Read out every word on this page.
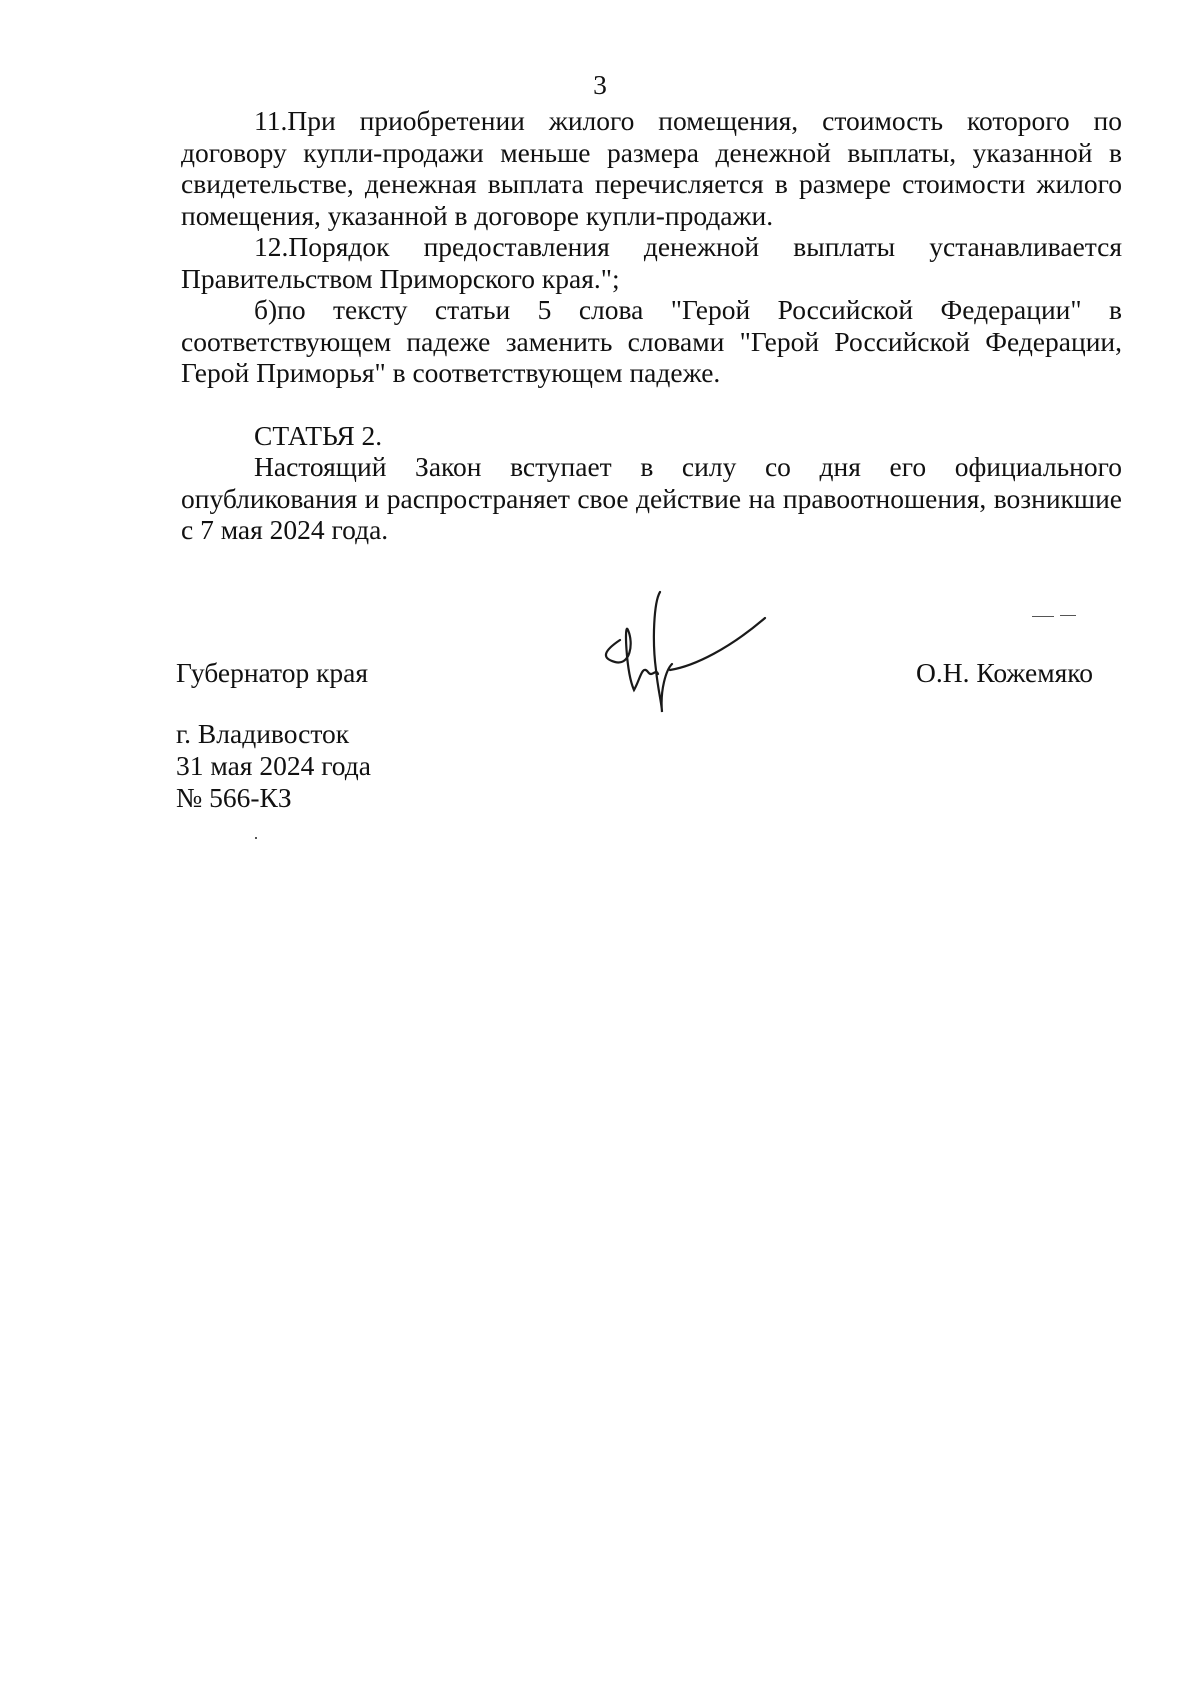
3

11.При приобретении жилого помещения, стоимость которого по договору купли-продажи меньше размера денежной выплаты, указанной в свидетельстве, денежная выплата перечисляется в размере стоимости жилого помещения, указанной в договоре купли-продажи.

12.Порядок предоставления денежной выплаты устанавливается Правительством Приморского края.";

б)по тексту статьи 5 слова "Герой Российской Федерации" в соответствующем падеже заменить словами "Герой Российской Федерации, Герой Приморья" в соответствующем падеже.

СТАТЬЯ 2.

Настоящий Закон вступает в силу со дня его официального опубликования и распространяет свое действие на правоотношения, возникшие с 7 мая 2024 года.

Губернатор края	О.Н. Кожемяко
г. Владивосток
31 мая 2024 года
№ 566-КЗ
